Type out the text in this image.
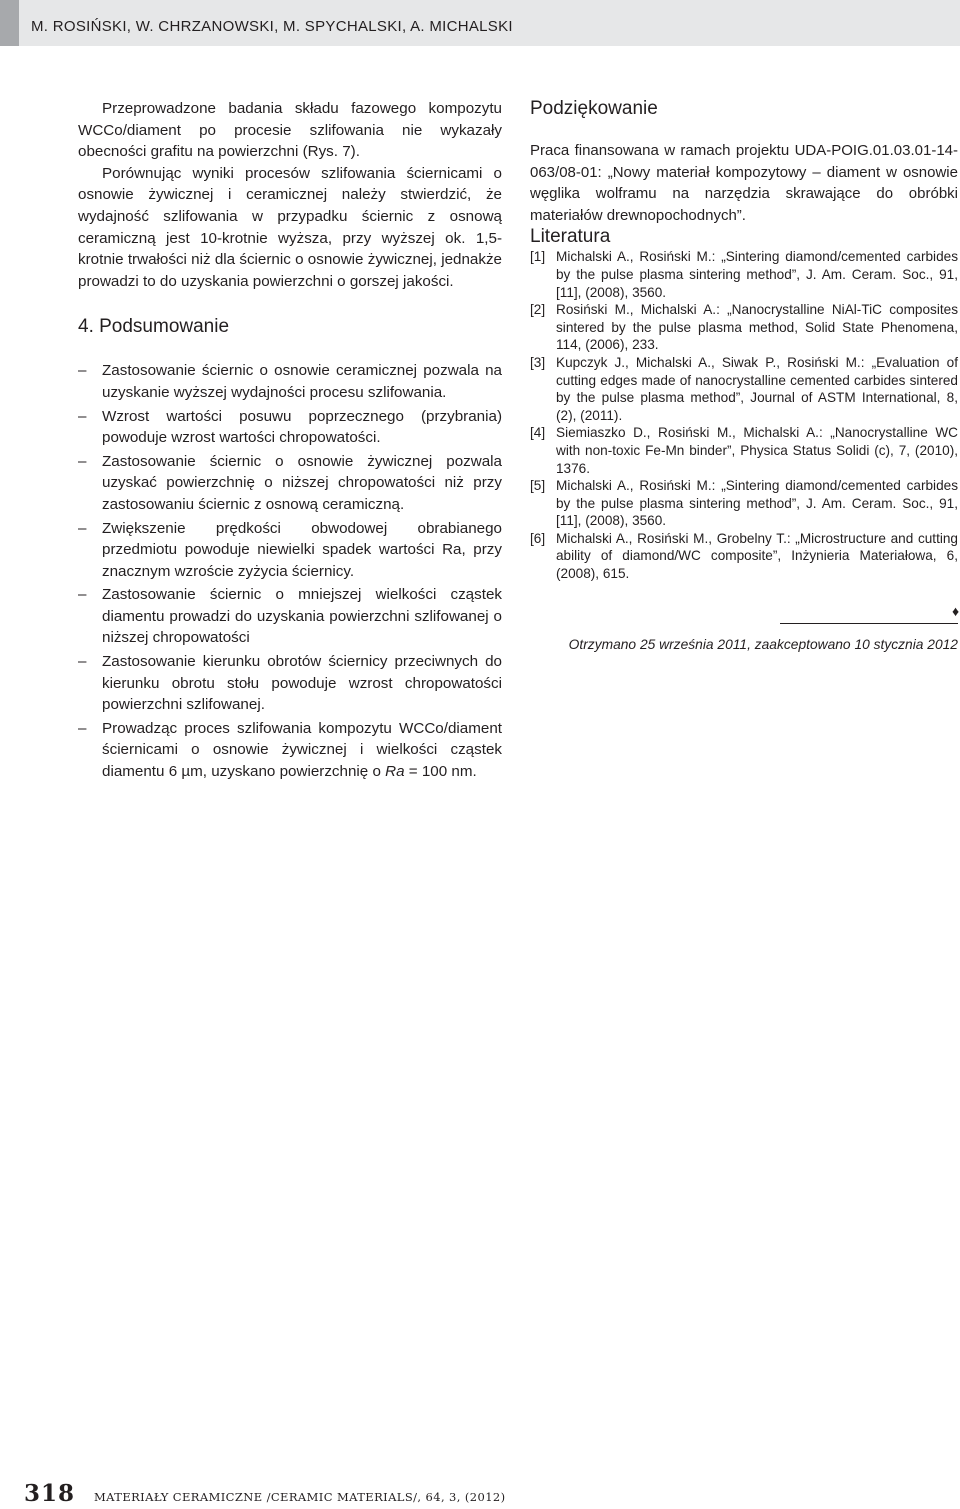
M. ROSIŃSKI, W. CHRZANOWSKI, M. SPYCHALSKI, A. MICHALSKI

Przeprowadzone badania składu fazowego kompozytu WCCo/diament po procesie szlifowania nie wykazały obecności grafitu na powierzchni (Rys. 7).

Porównując wyniki procesów szlifowania ściernicami o osnowie żywicznej i ceramicznej należy stwierdzić, że wydajność szlifowania w przypadku ściernic z osnową ceramiczną jest 10-krotnie wyższa, przy wyższej ok. 1,5-krotnie trwałości niż dla ściernic o osnowie żywicznej, jednakże prowadzi to do uzyskania powierzchni o gorszej jakości.

4. Podsumowanie
– Zastosowanie ściernic o osnowie ceramicznej pozwala na uzyskanie wyższej wydajności procesu szlifowania.
– Wzrost wartości posuwu poprzecznego (przybrania) powoduje wzrost wartości chropowatości.
– Zastosowanie ściernic o osnowie żywicznej pozwala uzyskać powierzchnię o niższej chropowatości niż przy zastosowaniu ściernic z osnową ceramiczną.
– Zwiększenie prędkości obwodowej obrabianego przedmiotu powoduje niewielki spadek wartości Ra, przy znacznym wzroście zyżycia ściernicy.
– Zastosowanie ściernic o mniejszej wielkości cząstek diamentu prowadzi do uzyskania powierzchni szlifowanej o niższej chropowatości
– Zastosowanie kierunku obrotów ściernicy przeciwnych do kierunku obrotu stołu powoduje wzrost chropowatości powierzchni szlifowanej.
– Prowadząc proces szlifowania kompozytu WCCo/diament ściernicami o osnowie żywicznej i wielkości cząstek diamentu 6 µm, uzyskano powierzchnię o Ra = 100 nm.
Podziękowanie

Praca finansowana w ramach projektu UDA-POIG.01.03.01-14-063/08-01: „Nowy materiał kompozytowy – diament w osnowie węglika wolframu na narzędzia skrawające do obróbki materiałów drewnopochodnych”.

Literatura
[1] Michalski A., Rosiński M.: „Sintering diamond/cemented carbides by the pulse plasma sintering method”, J. Am. Ceram. Soc., 91, [11], (2008), 3560.
[2] Rosiński M., Michalski A.: „Nanocrystalline NiAl-TiC composites sintered by the pulse plasma method, Solid State Phenomena, 114, (2006), 233.
[3] Kupczyk J., Michalski A., Siwak P., Rosiński M.: „Evaluation of cutting edges made of nanocrystalline cemented carbides sintered by the pulse plasma method”, Journal of ASTM International, 8, (2), (2011).
[4] Siemiaszko D., Rosiński M., Michalski A.: „Nanocrystalline WC with non-toxic Fe-Mn binder”, Physica Status Solidi (c), 7, (2010), 1376.
[5] Michalski A., Rosiński M.: „Sintering diamond/cemented carbides by the pulse plasma sintering method”, J. Am. Ceram. Soc., 91, [11], (2008), 3560.
[6] Michalski A., Rosiński M., Grobelny T.: „Microstructure and cutting ability of diamond/WC composite”, Inżynieria Materiałowa, 6, (2008), 615.
♦
Otrzymano 25 września 2011, zaakceptowano 10 stycznia 2012
318 MATERIAŁY CERAMICZNE /CERAMIC MATERIALS/, 64, 3, (2012)
